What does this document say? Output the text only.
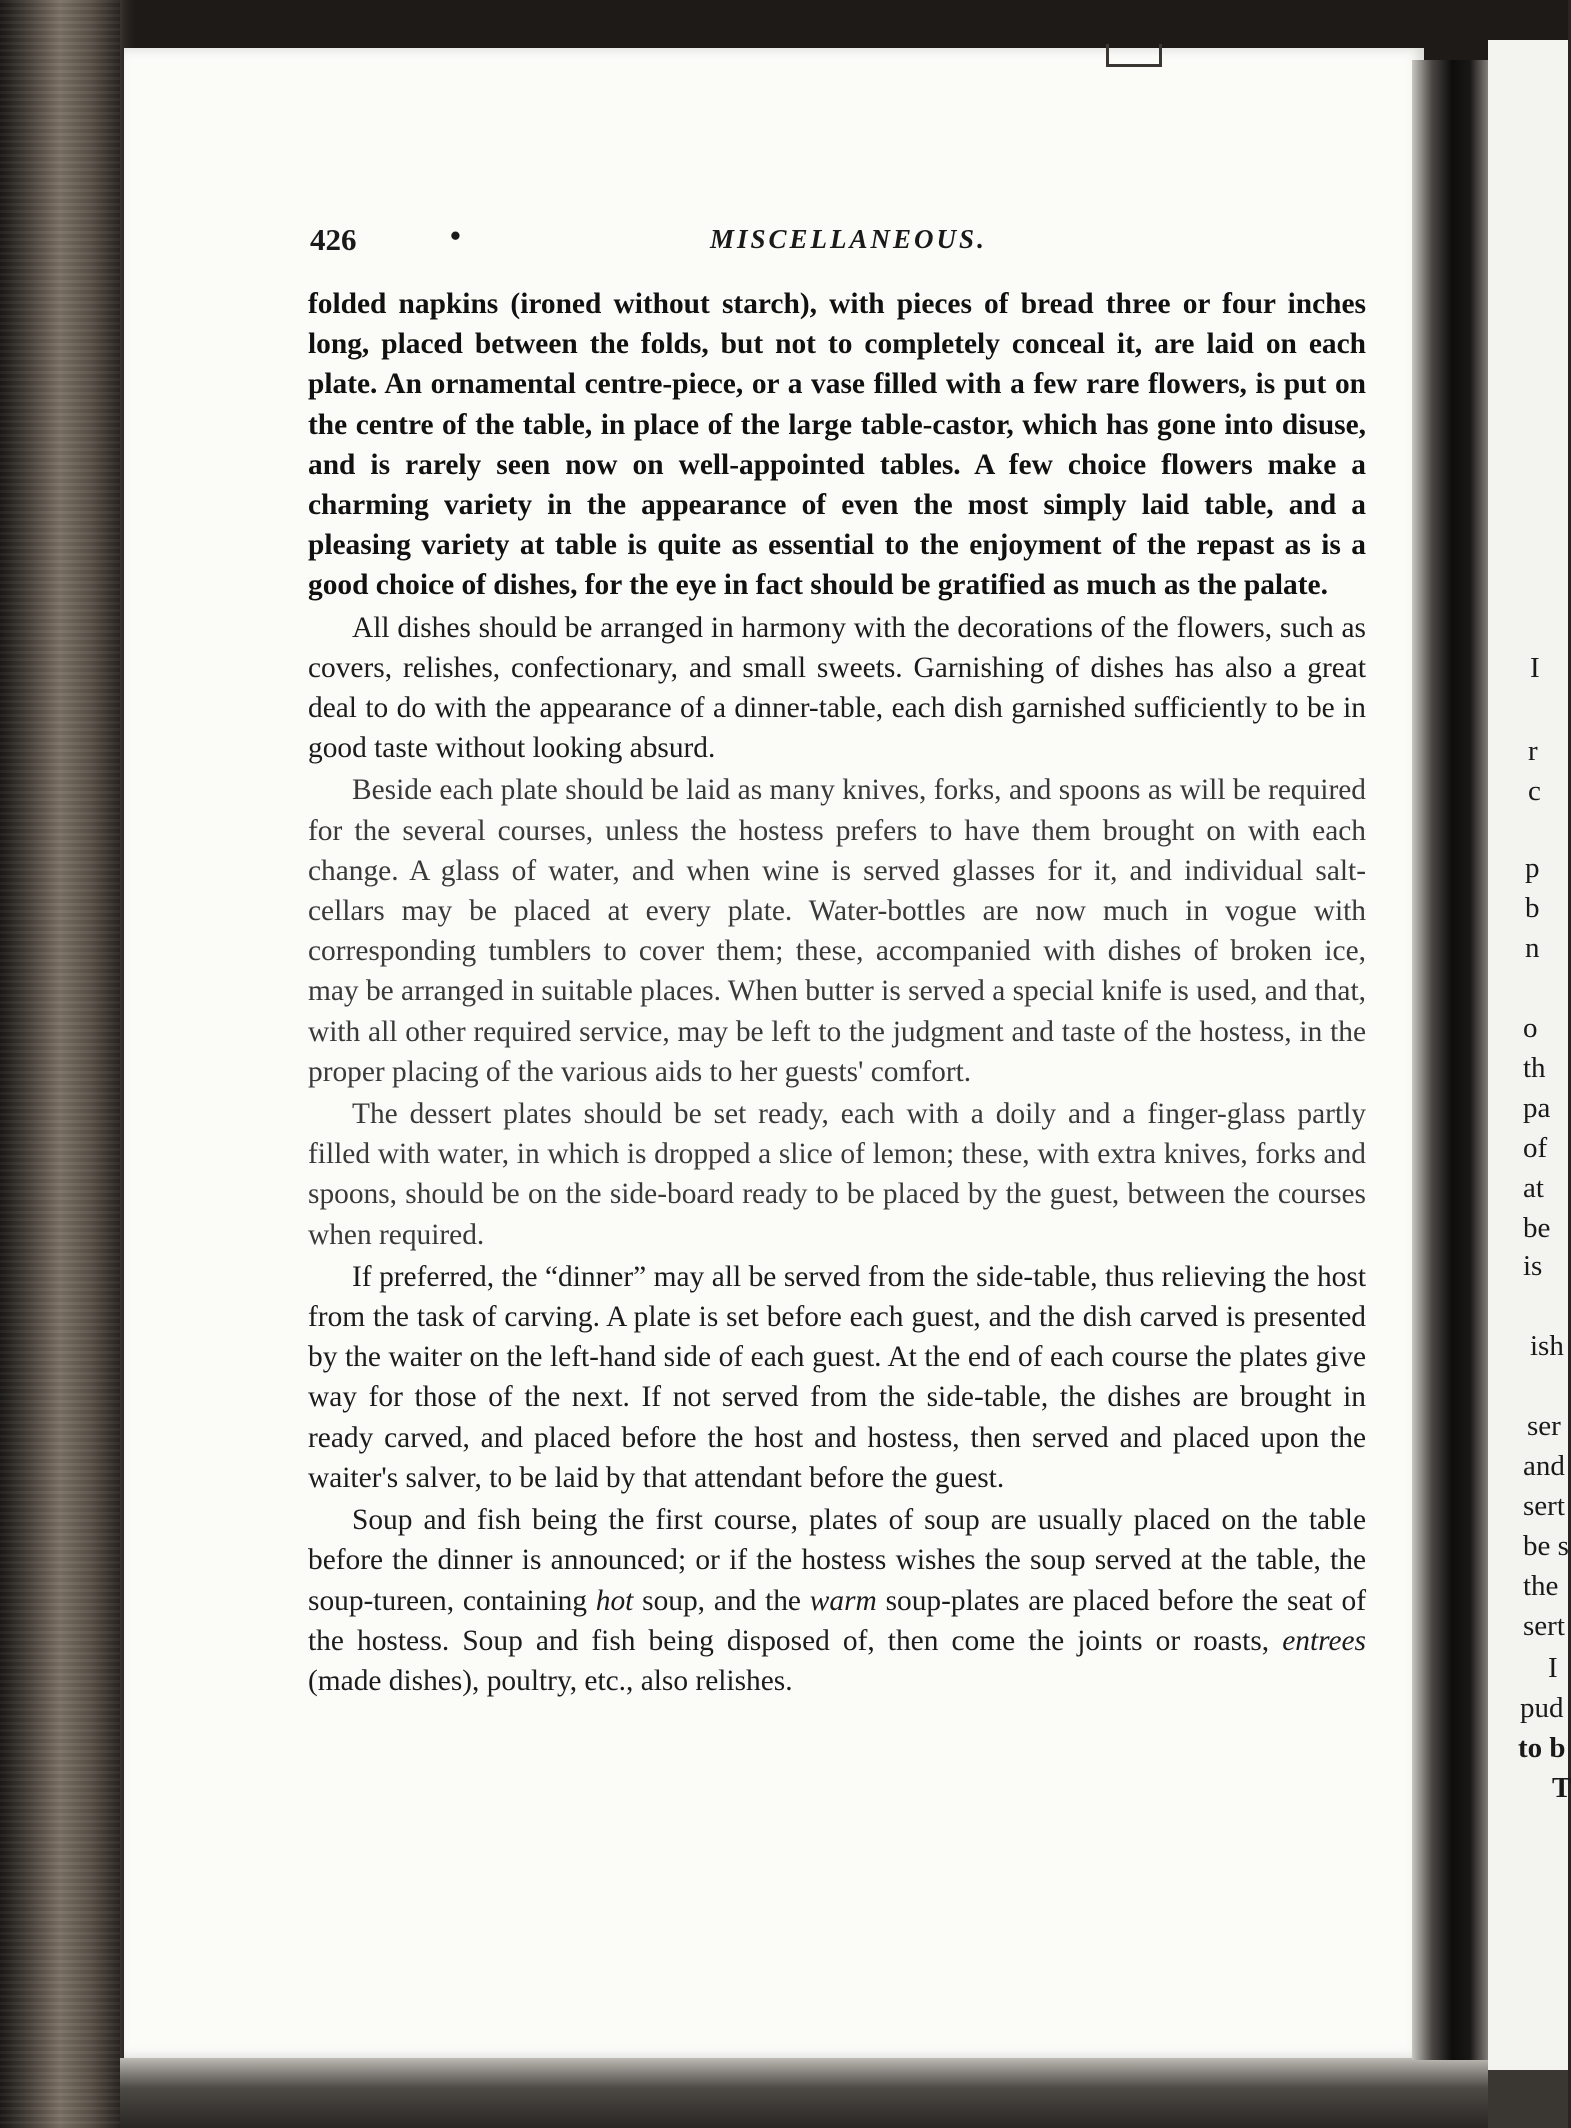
426	•	MISCELLANEOUS.

folded napkins (ironed without starch), with pieces of bread three or four inches long, placed between the folds, but not to completely conceal it, are laid on each plate. An ornamental centre-piece, or a vase filled with a few rare flowers, is put on the centre of the table, in place of the large table-castor, which has gone into disuse, and is rarely seen now on well-appointed tables. A few choice flowers make a charming variety in the appearance of even the most simply laid table, and a pleasing variety at table is quite as essential to the enjoyment of the repast as is a good choice of dishes, for the eye in fact should be gratified as much as the palate.

All dishes should be arranged in harmony with the decorations of the flowers, such as covers, relishes, confectionary, and small sweets. Garnishing of dishes has also a great deal to do with the appearance of a dinner-table, each dish garnished sufficiently to be in good taste without looking absurd.

Beside each plate should be laid as many knives, forks, and spoons as will be required for the several courses, unless the hostess prefers to have them brought on with each change. A glass of water, and when wine is served glasses for it, and individual salt-cellars may be placed at every plate. Water-bottles are now much in vogue with corresponding tumblers to cover them; these, accompanied with dishes of broken ice, may be arranged in suitable places. When butter is served a special knife is used, and that, with all other required service, may be left to the judgment and taste of the hostess, in the proper placing of the various aids to her guests' comfort.

The dessert plates should be set ready, each with a doily and a finger-glass partly filled with water, in which is dropped a slice of lemon; these, with extra knives, forks and spoons, should be on the side-board ready to be placed by the guest, between the courses when required.

If preferred, the “dinner” may all be served from the side-table, thus relieving the host from the task of carving. A plate is set before each guest, and the dish carved is presented by the waiter on the left-hand side of each guest. At the end of each course the plates give way for those of the next. If not served from the side-table, the dishes are brought in ready carved, and placed before the host and hostess, then served and placed upon the waiter's salver, to be laid by that attendant before the guest.

Soup and fish being the first course, plates of soup are usually placed on the table before the dinner is announced; or if the hostess wishes the soup served at the table, the soup-tureen, containing hot soup, and the warm soup-plates are placed before the seat of the hostess. Soup and fish being disposed of, then come the joints or roasts, entrees (made dishes), poultry, etc., also relishes.

I
r
c
p
b
n
o
th
pa
of
at
be
is
ish
ser
and
sert
be s
the
sert
I
pud
to b
T
